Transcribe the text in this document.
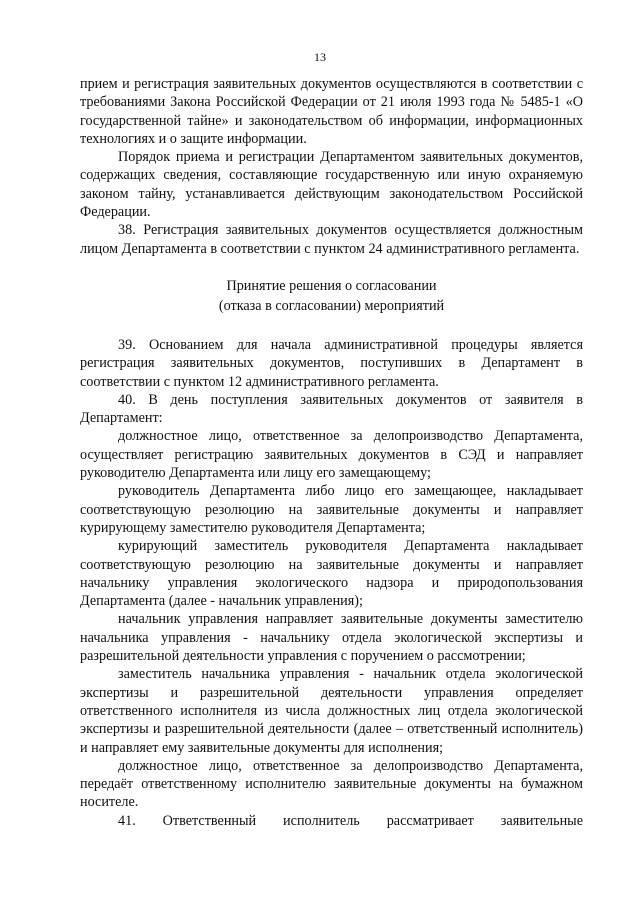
13

прием и регистрация заявительных документов осуществляются в соответствии с требованиями Закона Российской Федерации от 21 июля 1993 года № 5485-1 «О государственной тайне» и законодательством об информации, информационных технологиях и о защите информации.

Порядок приема и регистрации Департаментом заявительных документов, содержащих сведения, составляющие государственную или иную охраняемую законом тайну, устанавливается действующим законодательством Российской Федерации.

38. Регистрация заявительных документов осуществляется должностным лицом Департамента в соответствии с пунктом 24 административного регламента.

Принятие решения о согласовании
(отказа в согласовании) мероприятий

39. Основанием для начала административной процедуры является регистрация заявительных документов, поступивших в Департамент в соответствии с пунктом 12 административного регламента.

40. В день поступления заявительных документов от заявителя в Департамент:

должностное лицо, ответственное за делопроизводство Департамента, осуществляет регистрацию заявительных документов в СЭД и направляет руководителю Департамента или лицу его замещающему;

руководитель Департамента либо лицо его замещающее, накладывает соответствующую резолюцию на заявительные документы и направляет курирующему заместителю руководителя Департамента;

курирующий заместитель руководителя Департамента накладывает соответствующую резолюцию на заявительные документы и направляет начальнику управления экологического надзора и природопользования Департамента (далее - начальник управления);

начальник управления направляет заявительные документы заместителю начальника управления - начальнику отдела экологической экспертизы и разрешительной деятельности управления с поручением о рассмотрении;

заместитель начальника управления - начальник отдела экологической экспертизы и разрешительной деятельности управления определяет ответственного исполнителя из числа должностных лиц отдела экологической экспертизы и разрешительной деятельности (далее – ответственный исполнитель) и направляет ему заявительные документы для исполнения;

должностное лицо, ответственное за делопроизводство Департамента, передаёт ответственному исполнителю заявительные документы на бумажном носителе.

41. Ответственный исполнитель рассматривает заявительные
